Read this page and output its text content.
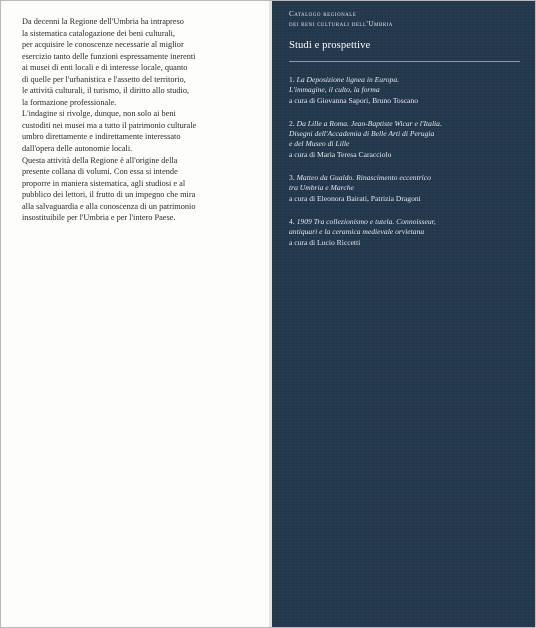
Da decenni la Regione dell'Umbria ha intrapreso

la sistematica catalogazione dei beni culturali,

per acquisire le conoscenze necessarie al miglior

esercizio tanto delle funzioni espressamente inerenti

ai musei di enti locali e di interesse locale, quanto

di quelle per l'urbanistica e l'assetto del territorio,

le attività culturali, il turismo, il diritto allo studio,

la formazione professionale.

L'indagine si rivolge, dunque, non solo ai beni

custoditi nei musei ma a tutto il patrimonio culturale

umbro direttamente e indirettamente interessato

dall'opera delle autonomie locali.

Questa attività della Regione è all'origine della

presente collana di volumi. Con essa si intende

proporre in maniera sistematica, agli studiosi e al

pubblico dei lettori, il frutto di un impegno che mira

alla salvaguardia e alla conoscenza di un patrimonio

insostituibile per l'Umbria e per l'intero Paese.

Catalogo regionale
dei beni culturali dell'Umbria
Studi e prospettive
1. La Deposizione lignea in Europa.
L'immagine, il culto, la forma
a cura di Giovanna Sapori, Bruno Toscano
2. Da Lille a Roma. Jean-Baptiste Wicar e l'Italia.
Disegni dell'Accademia di Belle Arti di Perugia
e del Museo di Lille
a cura di Maria Teresa Caracciolo
3. Matteo da Gualdo. Rinascimento eccentrico
tra Umbria e Marche
a cura di Eleonora Bairati, Patrizia Dragoni
4. 1909 Tra collezionismo e tutela. Connoisseur,
antiquari e la ceramica medievale orvietana
a cura di Lucio Riccetti
